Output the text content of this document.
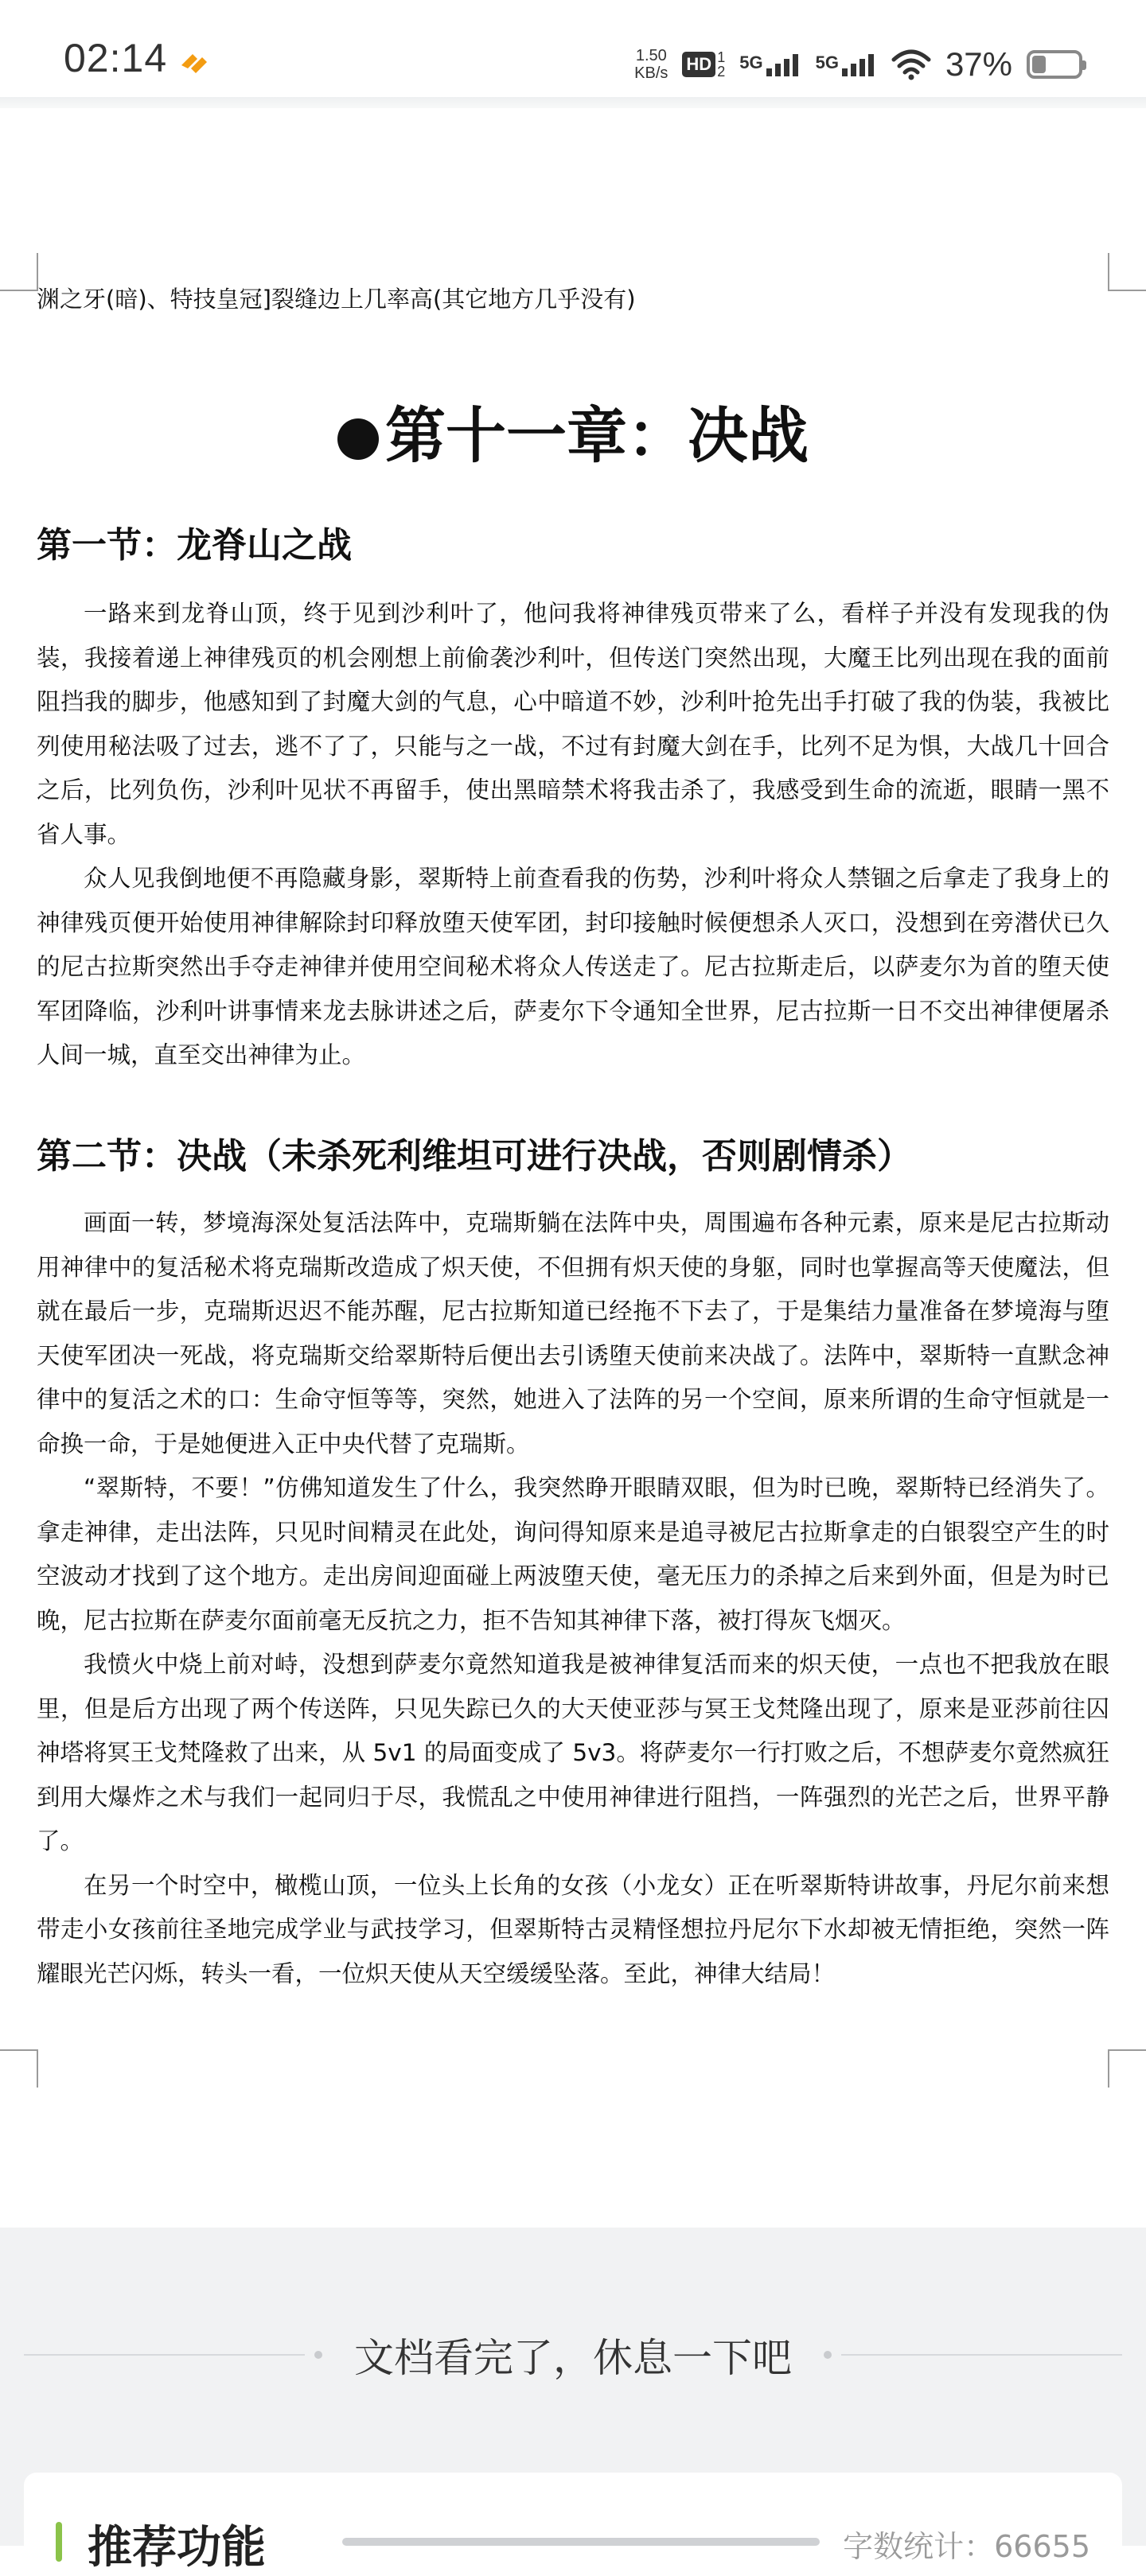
02:14	1.50
KB/s HD 1
2 5G	5G	37%
渊之牙(暗)、特技皇冠]裂缝边上几率高(其它地方几乎没有)
第十一章：决战
第一节：龙脊山之战

一路来到龙脊山顶，终于见到沙利叶了，他问我将神律残页带来了么，看样子并没有发现我的伪装，我接着递上神律残页的机会刚想上前偷袭沙利叶，但传送门突然出现，大魔王比列出现在我的面前阻挡我的脚步，他感知到了封魔大剑的气息，心中暗道不妙，沙利叶抢先出手打破了我的伪装，我被比列使用秘法吸了过去，逃不了了，只能与之一战，不过有封魔大剑在手，比列不足为惧，大战几十回合之后，比列负伤，沙利叶见状不再留手，使出黑暗禁术将我击杀了，我感受到生命的流逝，眼睛一黑不省人事。

众人见我倒地便不再隐藏身影，翠斯特上前查看我的伤势，沙利叶将众人禁锢之后拿走了我身上的神律残页便开始使用神律解除封印释放堕天使军团，封印接触时候便想杀人灭口，没想到在旁潜伏已久的尼古拉斯突然出手夺走神律并使用空间秘术将众人传送走了。尼古拉斯走后，以萨麦尔为首的堕天使军团降临，沙利叶讲事情来龙去脉讲述之后，萨麦尔下令通知全世界，尼古拉斯一日不交出神律便屠杀人间一城，直至交出神律为止。

第二节：决战（未杀死利维坦可进行决战，否则剧情杀）

画面一转，梦境海深处复活法阵中，克瑞斯躺在法阵中央，周围遍布各种元素，原来是尼古拉斯动用神律中的复活秘术将克瑞斯改造成了炽天使，不但拥有炽天使的身躯，同时也掌握高等天使魔法，但就在最后一步，克瑞斯迟迟不能苏醒，尼古拉斯知道已经拖不下去了，于是集结力量准备在梦境海与堕天使军团决一死战，将克瑞斯交给翠斯特后便出去引诱堕天使前来决战了。法阵中，翠斯特一直默念神律中的复活之术的口：生命守恒等等，突然，她进入了法阵的另一个空间，原来所谓的生命守恒就是一命换一命，于是她便进入正中央代替了克瑞斯。

“翠斯特，不要！”仿佛知道发生了什么，我突然睁开眼睛双眼，但为时已晚，翠斯特已经消失了。拿走神律，走出法阵，只见时间精灵在此处，询问得知原来是追寻被尼古拉斯拿走的白银裂空产生的时空波动才找到了这个地方。走出房间迎面碰上两波堕天使，毫无压力的杀掉之后来到外面，但是为时已晚，尼古拉斯在萨麦尔面前毫无反抗之力，拒不告知其神律下落，被打得灰飞烟灭。

我愤火中烧上前对峙，没想到萨麦尔竟然知道我是被神律复活而来的炽天使，一点也不把我放在眼里，但是后方出现了两个传送阵，只见失踪已久的大天使亚莎与冥王戈梵隆出现了，原来是亚莎前往囚神塔将冥王戈梵隆救了出来，从 5v1 的局面变成了 5v3。将萨麦尔一行打败之后，不想萨麦尔竟然疯狂到用大爆炸之术与我们一起同归于尽，我慌乱之中使用神律进行阻挡，一阵强烈的光芒之后，世界平静了。

在另一个时空中，橄榄山顶，一位头上长角的女孩（小龙女）正在听翠斯特讲故事，丹尼尔前来想带走小女孩前往圣地完成学业与武技学习，但翠斯特古灵精怪想拉丹尼尔下水却被无情拒绝，突然一阵耀眼光芒闪烁，转头一看，一位炽天使从天空缓缓坠落。至此，神律大结局！

文档看完了，休息一下吧
推荐功能	字数统计：66655
